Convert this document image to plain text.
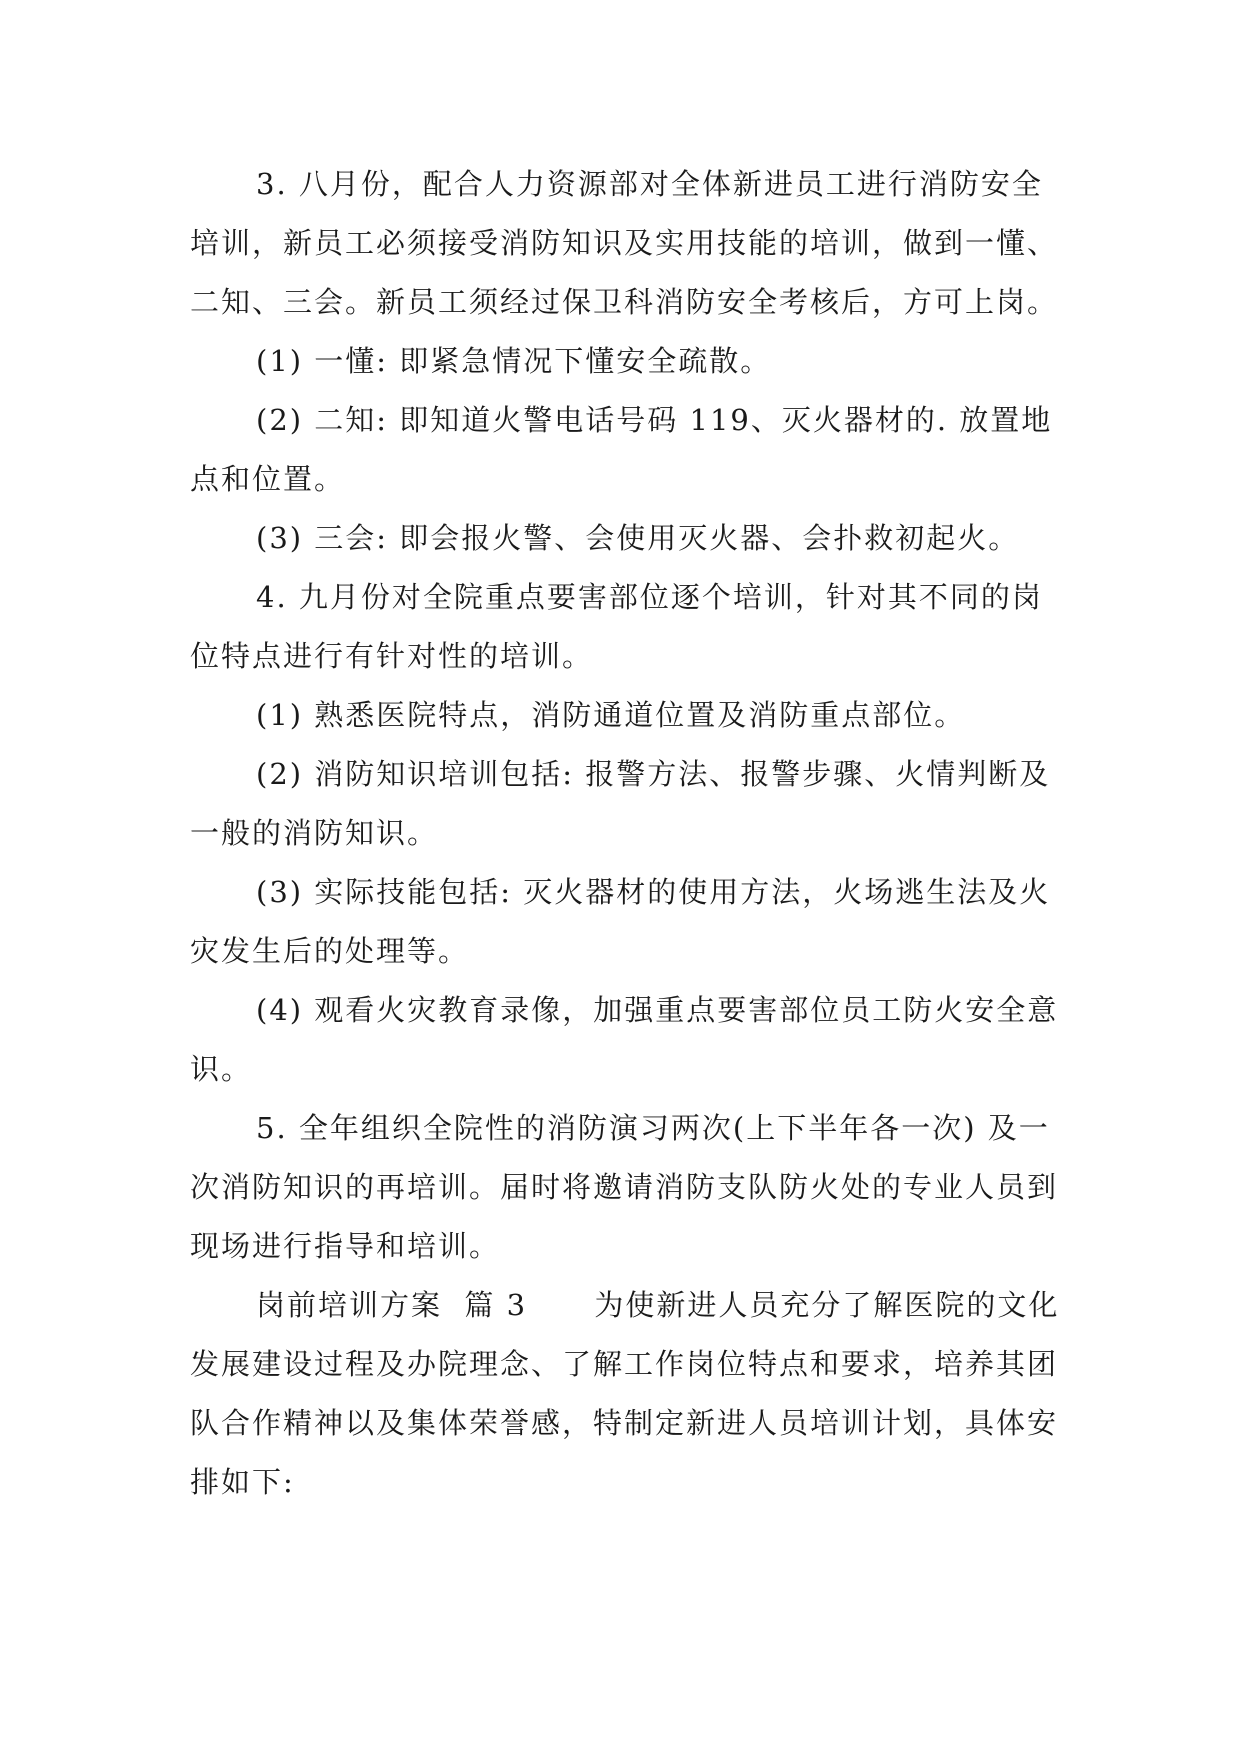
3. 八月份，配合人力资源部对全体新进员工进行消防安全培训，新员工必须接受消防知识及实用技能的培训，做到一懂、二知、三会。新员工须经过保卫科消防安全考核后，方可上岗。

(1) 一懂: 即紧急情况下懂安全疏散。

(2) 二知: 即知道火警电话号码 119、灭火器材的. 放置地点和位置。

(3) 三会: 即会报火警、会使用灭火器、会扑救初起火。

4. 九月份对全院重点要害部位逐个培训，针对其不同的岗位特点进行有针对性的培训。

(1) 熟悉医院特点，消防通道位置及消防重点部位。

(2) 消防知识培训包括: 报警方法、报警步骤、火情判断及一般的消防知识。

(3) 实际技能包括: 灭火器材的使用方法，火场逃生法及火灾发生后的处理等。

(4) 观看火灾教育录像，加强重点要害部位员工防火安全意识。

5. 全年组织全院性的消防演习两次(上下半年各一次) 及一次消防知识的再培训。届时将邀请消防支队防火处的专业人员到现场进行指导和培训。

岗前培训方案  篇 3      为使新进人员充分了解医院的文化发展建设过程及办院理念、了解工作岗位特点和要求，培养其团队合作精神以及集体荣誉感，特制定新进人员培训计划，具体安排如下:
